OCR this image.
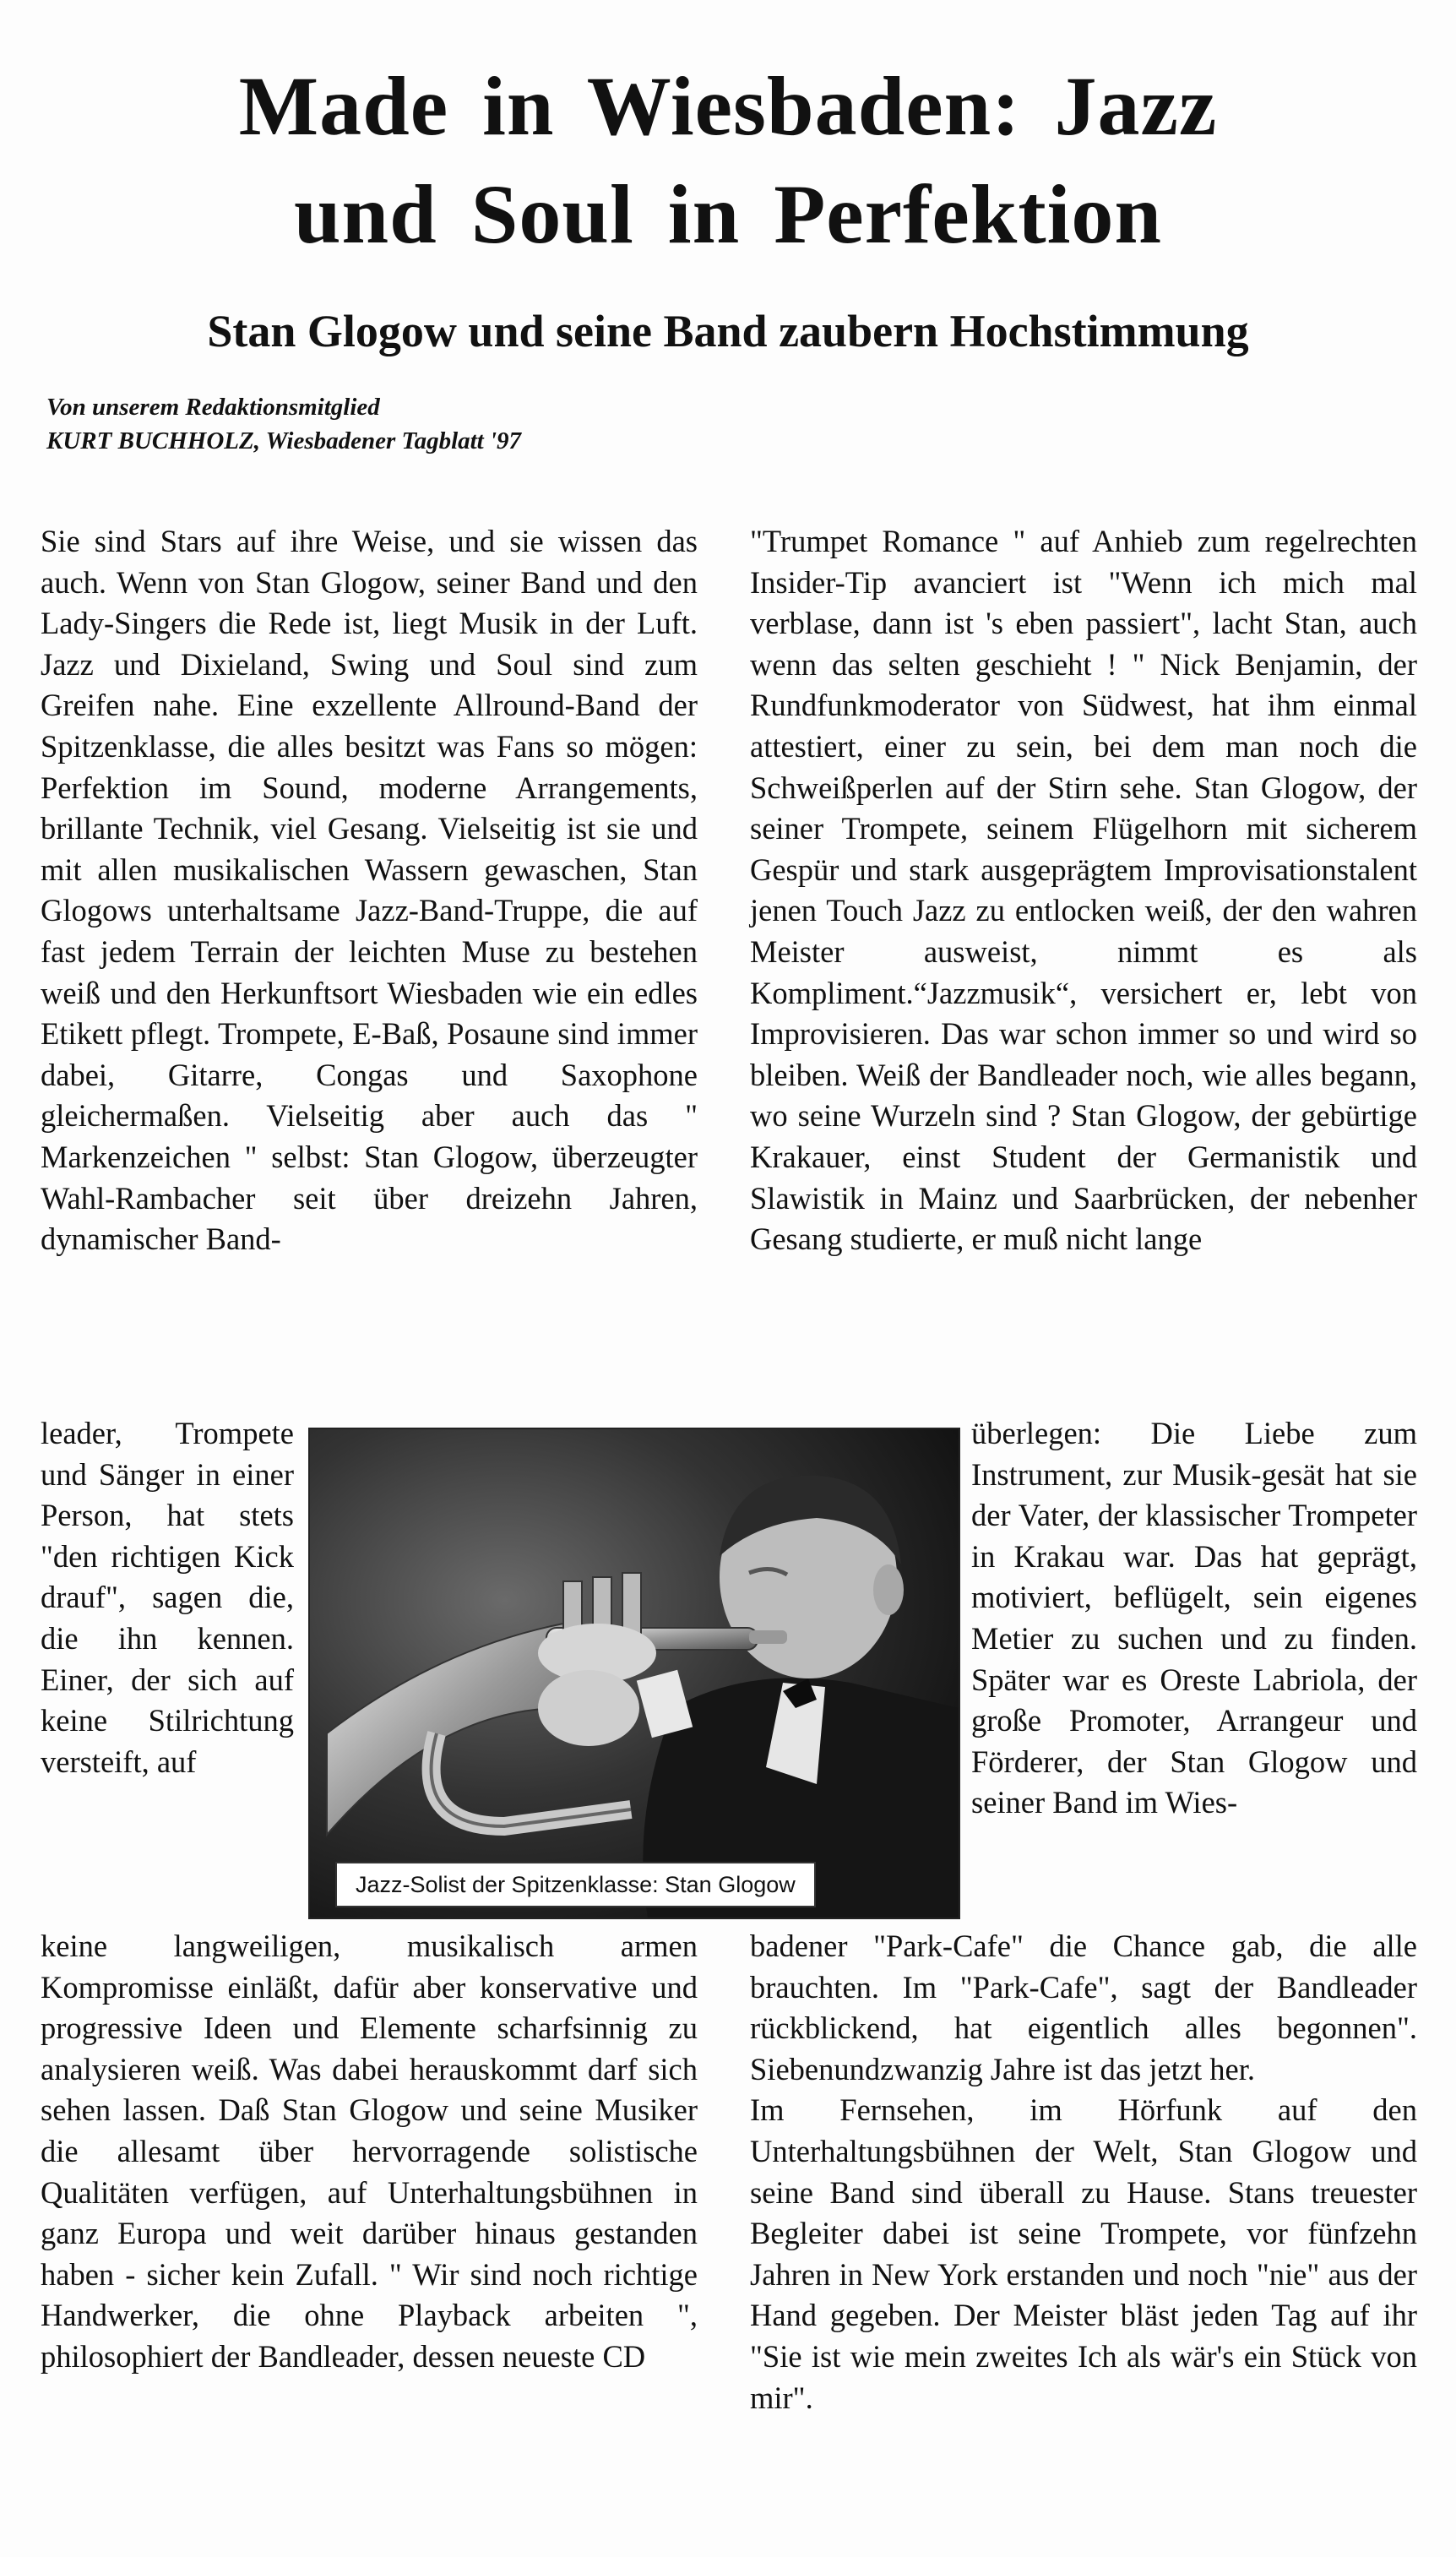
Made in Wiesbaden: Jazz
und Soul in Perfektion
Stan Glogow und seine Band zaubern Hochstimmung
Von unserem Redaktionsmitglied
KURT BUCHHOLZ, Wiesbadener Tagblatt '97

Sie sind Stars auf ihre Weise, und sie wissen das auch. Wenn von Stan Glogow, seiner Band und den Lady-Singers die Rede ist, liegt Musik in der Luft. Jazz und Dixieland, Swing und Soul sind zum Greifen nahe. Eine exzellente Allround-Band der Spitzenklasse, die alles besitzt was Fans so mögen: Perfektion im Sound, moderne Arrangements, brillante Technik, viel Gesang. Vielseitig ist sie und mit allen musikalischen Wassern gewaschen, Stan Glogows unterhaltsame Jazz-Band-Truppe, die auf fast jedem Terrain der leichten Muse zu bestehen weiß und den Herkunftsort Wiesbaden wie ein edles Etikett pflegt. Trompete, E-Baß, Posaune sind immer dabei, Gitarre, Congas und Saxophone gleichermaßen. Vielseitig aber auch das " Markenzeichen " selbst: Stan Glogow, überzeugter Wahl-Rambacher seit über dreizehn Jahren, dynamischer Band-

leader, Trompete und Sänger in einer Person, hat stets "den richtigen Kick drauf", sagen die, die ihn kennen. Einer, der sich auf keine Stilrichtung versteift, auf

keine langweiligen, musikalisch armen Kompromisse einläßt, dafür aber konservative und progressive Ideen und Elemente scharfsinnig zu analysieren weiß. Was dabei herauskommt darf sich sehen lassen. Daß Stan Glogow und seine Musiker die allesamt über hervorragende solistische Qualitäten verfügen, auf Unterhaltungsbühnen in ganz Europa und weit darüber hinaus gestanden haben - sicher kein Zufall. " Wir sind noch richtige Handwerker, die ohne Playback arbeiten ", philosophiert der Bandleader, dessen neueste CD

"Trumpet Romance " auf Anhieb zum regelrechten Insider-Tip avanciert ist "Wenn ich mich mal verblase, dann ist 's eben passiert", lacht Stan, auch wenn das selten geschieht ! " Nick Benjamin, der Rundfunkmoderator von Südwest, hat ihm einmal attestiert, einer zu sein, bei dem man noch die Schweißperlen auf der Stirn sehe. Stan Glogow, der seiner Trompete, seinem Flügelhorn mit sicherem Gespür und stark ausgeprägtem Improvisationstalent jenen Touch Jazz zu entlocken weiß, der den wahren Meister ausweist, nimmt es als Kompliment.“Jazzmusik“, versichert er, lebt von Improvisieren. Das war schon immer so und wird so bleiben. Weiß der Bandleader noch, wie alles begann, wo seine Wurzeln sind ? Stan Glogow, der gebürtige Krakauer, einst Student der Germanistik und Slawistik in Mainz und Saarbrücken, der nebenher Gesang studierte, er muß nicht lange

überlegen: Die Liebe zum Instrument, zur Musik-gesät hat sie der Vater, der klassischer Trompeter in Krakau war. Das hat geprägt, motiviert, beflügelt, sein eigenes Metier zu suchen und zu finden. Später war es Oreste Labriola, der große Promoter, Arrangeur und Förderer, der Stan Glogow und seiner Band im Wies-

badener "Park-Cafe" die Chance gab, die alle brauchten. Im "Park-Cafe", sagt der Bandleader rückblickend, hat eigentlich alles begonnen". Siebenundzwanzig Jahre ist das jetzt her.

Im Fernsehen, im Hörfunk auf den Unterhaltungsbühnen der Welt, Stan Glogow und seine Band sind überall zu Hause. Stans treuester Begleiter dabei ist seine Trompete, vor fünfzehn Jahren in New York erstanden und noch "nie" aus der Hand gegeben. Der Meister bläst jeden Tag auf ihr "Sie ist wie mein zweites Ich als wär's ein Stück von mir".

Jazz-Solist der Spitzenklasse: Stan Glogow
